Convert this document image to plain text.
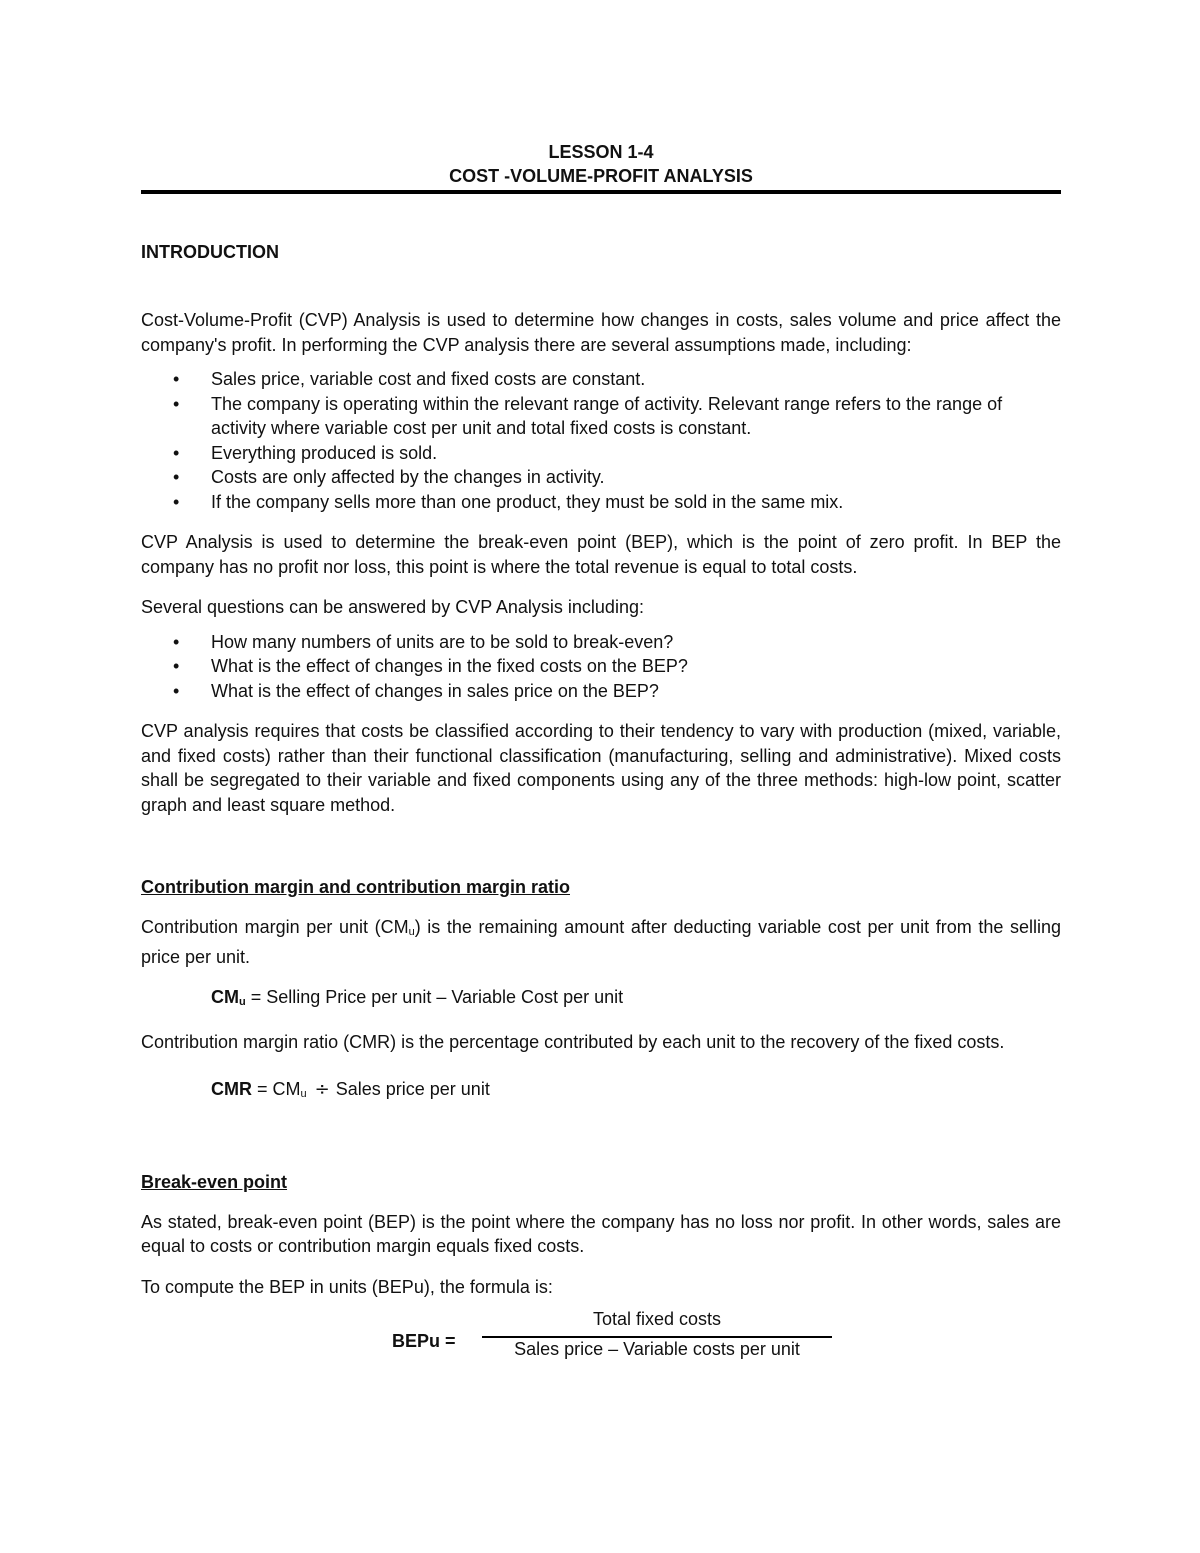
LESSON 1-4
COST -VOLUME-PROFIT ANALYSIS
INTRODUCTION

Cost-Volume-Profit (CVP) Analysis is used to determine how changes in costs, sales volume and price affect the company's profit. In performing the CVP analysis there are several assumptions made, including:

• Sales price, variable cost and fixed costs are constant.
• The company is operating within the relevant range of activity. Relevant range refers to the range of activity where variable cost per unit and total fixed costs is constant.
• Everything produced is sold.
• Costs are only affected by the changes in activity.
• If the company sells more than one product, they must be sold in the same mix.

CVP Analysis is used to determine the break-even point (BEP), which is the point of zero profit. In BEP the company has no profit nor loss, this point is where the total revenue is equal to total costs.

Several questions can be answered by CVP Analysis including:

• How many numbers of units are to be sold to break-even?
• What is the effect of changes in the fixed costs on the BEP?
• What is the effect of changes in sales price on the BEP?

CVP analysis requires that costs be classified according to their tendency to vary with production (mixed, variable, and fixed costs) rather than their functional classification (manufacturing, selling and administrative). Mixed costs shall be segregated to their variable and fixed components using any of the three methods: high-low point, scatter graph and least square method.

Contribution margin and contribution margin ratio

Contribution margin per unit $(CM_u)$ is the remaining amount after deducting variable cost per unit from the selling price per unit.

$CM_u$ = Selling Price per unit – Variable Cost per unit

Contribution margin ratio (CMR) is the percentage contributed by each unit to the recovery of the fixed costs.

CMR = $CM_u$ ÷ Sales price per unit
Break-even point

As stated, break-even point (BEP) is the point where the company has no loss nor profit. In other words, sales are equal to costs or contribution margin equals fixed costs.

To compute the BEP in units (BEPu), the formula is:

BEPu =
Total fixed costs
Sales price – Variable costs per unit
